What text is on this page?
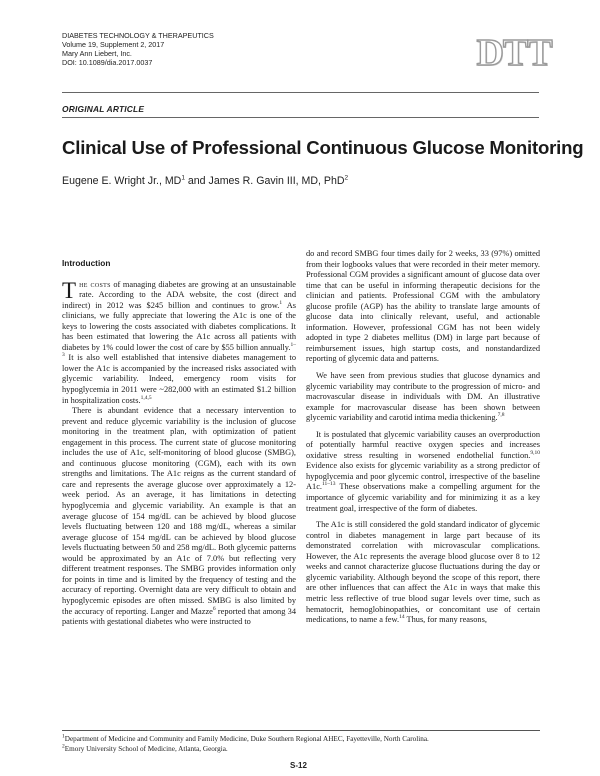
DIABETES TECHNOLOGY & THERAPEUTICS
Volume 19, Supplement 2, 2017
Mary Ann Liebert, Inc.
DOI: 10.1089/dia.2017.0037	DTT
ORIGINAL ARTICLE
Clinical Use of Professional Continuous Glucose Monitoring
Eugene E. Wright Jr., $MD^1$ and James R. Gavin III, MD, PhD$^2$
Introduction

The costs of managing diabetes are growing at an unsustainable rate. According to the ADA website, the cost (direct and indirect) in 2012 was $245 billion and continues to grow.$^1$ As clinicians, we fully appreciate that lowering the A1c is one of the keys to lowering the costs associated with diabetes complications. It has been estimated that lowering the A1c across all patients with diabetes by 1% could lower the cost of care by $55 billion annually.$^{1-3}$ It is also well established that intensive diabetes management to lower the A1c is accompanied by the increased risks associated with glycemic variability. Indeed, emergency room visits for hypoglycemia in 2011 were ~282,000 with an estimated $1.2 billion in hospitalization costs.$^{1,4,5}$

There is abundant evidence that a necessary intervention to prevent and reduce glycemic variability is the inclusion of glucose monitoring in the treatment plan, with optimization of patient engagement in this process. The current state of glucose monitoring includes the use of A1c, self-monitoring of blood glucose (SMBG), and continuous glucose monitoring (CGM), each with its own strengths and limitations. The A1c reigns as the current standard of care and represents the average glucose over approximately a 12-week period. As an average, it has limitations in detecting hypoglycemia and glycemic variability. An example is that an average glucose of 154 mg/dL can be achieved by blood glucose levels fluctuating between 120 and 188 mg/dL, whereas a similar average glucose of 154 mg/dL can be achieved by blood glucose levels fluctuating between 50 and 258 mg/dL. Both glycemic patterns would be approximated by an A1c of 7.0% but reflecting very different treatment responses. The SMBG provides information only for points in time and is limited by the frequency of testing and the accuracy of reporting. Overnight data are very difficult to obtain and hypoglycemic episodes are often missed. SMBG is also limited by the accuracy of reporting. Langer and Mazze$^6$ reported that among 34 patients with gestational diabetes who were instructed to

do and record SMBG four times daily for 2 weeks, 33 (97%) omitted from their logbooks values that were recorded in their meter memory. Professional CGM provides a significant amount of glucose data over time that can be useful in informing therapeutic decisions for the clinician and patients. Professional CGM with the ambulatory glucose profile (AGP) has the ability to translate large amounts of glucose data into clinically relevant, useful, and actionable information. However, professional CGM has not been widely adopted in type 2 diabetes mellitus (DM) in large part because of reimbursement issues, high startup costs, and nonstandardized reporting of glycemic data and patterns.

We have seen from previous studies that glucose dynamics and glycemic variability may contribute to the progression of micro- and macrovascular disease in individuals with DM. An illustrative example for macrovascular disease has been shown between glycemic variability and carotid intima media thickening.$^{7,8}$

It is postulated that glycemic variability causes an overproduction of potentially harmful reactive oxygen species and increases oxidative stress resulting in worsened endothelial function.$^{9,10}$ Evidence also exists for glycemic variability as a strong predictor of hypoglycemia and poor glycemic control, irrespective of the baseline A1c.$^{11-13}$ These observations make a compelling argument for the importance of glycemic variability and for minimizing it as a key treatment goal, irrespective of the form of diabetes.

The A1c is still considered the gold standard indicator of glycemic control in diabetes management in large part because of its demonstrated correlation with microvascular complications. However, the A1c represents the average blood glucose over 8 to 12 weeks and cannot characterize glucose fluctuations during the day or glycemic variability. Although beyond the scope of this report, there are other influences that can affect the A1c in ways that make this metric less reflective of true blood sugar levels over time, such as hematocrit, hemoglobinopathies, or concomitant use of certain medications, to name a few.$^{14}$ Thus, for many reasons,

$^1$Department of Medicine and Community and Family Medicine, Duke Southern Regional AHEC, Fayetteville, North Carolina.
$^2$Emory University School of Medicine, Atlanta, Georgia.
S-12
